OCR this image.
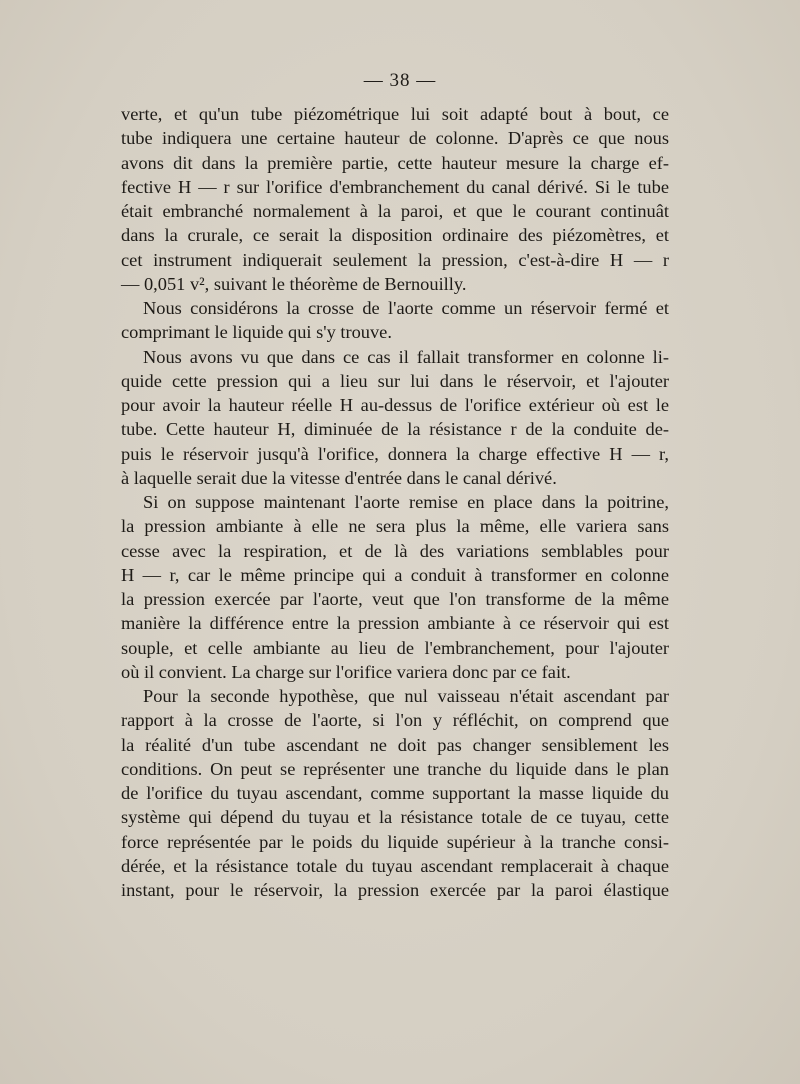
— 38 —
verte, et qu'un tube piézométrique lui soit adapté bout à bout, ce
tube indiquera une certaine hauteur de colonne. D'après ce que nous
avons dit dans la première partie, cette hauteur mesure la charge ef-
fective H — r sur l'orifice d'embranchement du canal dérivé. Si le tube
était embranché normalement à la paroi, et que le courant continuât
dans la crurale, ce serait la disposition ordinaire des piézomètres, et
cet instrument indiquerait seulement la pression, c'est-à-dire H — r
— 0,051 v², suivant le théorème de Bernouilly.
Nous considérons la crosse de l'aorte comme un réservoir fermé et
comprimant le liquide qui s'y trouve.
Nous avons vu que dans ce cas il fallait transformer en colonne li-
quide cette pression qui a lieu sur lui dans le réservoir, et l'ajouter
pour avoir la hauteur réelle H au-dessus de l'orifice extérieur où est le
tube. Cette hauteur H, diminuée de la résistance r de la conduite de-
puis le réservoir jusqu'à l'orifice, donnera la charge effective H — r,
à laquelle serait due la vitesse d'entrée dans le canal dérivé.
Si on suppose maintenant l'aorte remise en place dans la poitrine,
la pression ambiante à elle ne sera plus la même, elle variera sans
cesse avec la respiration, et de là des variations semblables pour
H — r, car le même principe qui a conduit à transformer en colonne
la pression exercée par l'aorte, veut que l'on transforme de la même
manière la différence entre la pression ambiante à ce réservoir qui est
souple, et celle ambiante au lieu de l'embranchement, pour l'ajouter
où il convient. La charge sur l'orifice variera donc par ce fait.
Pour la seconde hypothèse, que nul vaisseau n'était ascendant par
rapport à la crosse de l'aorte, si l'on y réfléchit, on comprend que
la réalité d'un tube ascendant ne doit pas changer sensiblement les
conditions. On peut se représenter une tranche du liquide dans le plan
de l'orifice du tuyau ascendant, comme supportant la masse liquide du
système qui dépend du tuyau et la résistance totale de ce tuyau, cette
force représentée par le poids du liquide supérieur à la tranche consi-
dérée, et la résistance totale du tuyau ascendant remplacerait à chaque
instant, pour le réservoir, la pression exercée par la paroi élastique
